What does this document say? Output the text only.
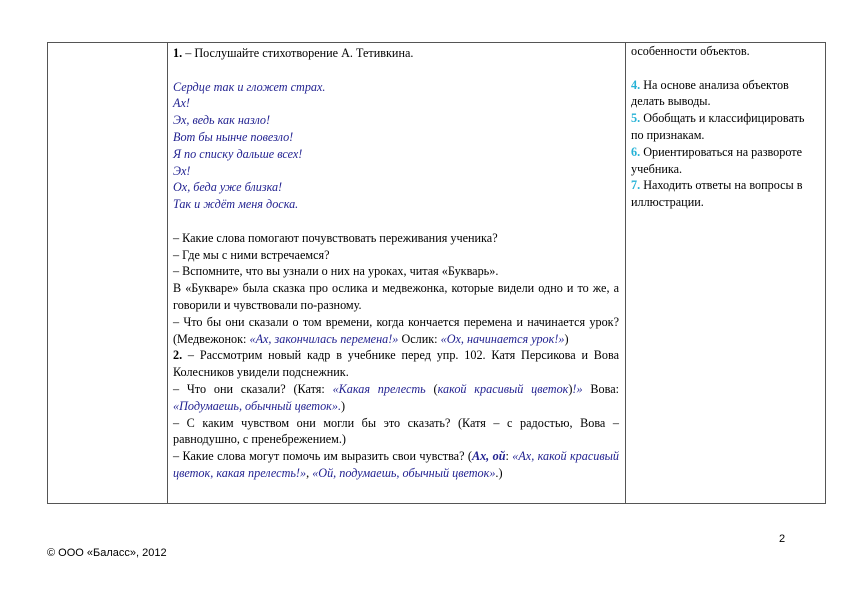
1. – Послушайте стихотворение А. Тетивкина.

Сердце так и гложет страх.

Ах!

Эх, ведь как назло!

Вот бы нынче повезло!

Я по списку дальше всех!

Эх!

Ох, беда уже близка!

Так и ждёт меня доска.

– Какие слова помогают почувствовать переживания ученика?

– Где мы с ними встречаемся?

– Вспомните, что вы узнали о них на уроках, читая «Букварь».

В «Букваре» была сказка про ослика и медвежонка, которые видели одно и то же, а говорили и чувствовали по-разному.

– Что бы они сказали о том времени, когда кончается перемена и начинается урок? (Медвежонок: «Ах, закончилась перемена!» Ослик: «Ох, начинается урок!»)

2. – Рассмотрим новый кадр в учебнике перед упр. 102. Катя Персикова и Вова Колесников увидели подснежник.

– Что они сказали? (Катя: «Какая прелесть (какой красивый цветок)!» Вова: «Подумаешь, обычный цветок».)

– С каким чувством они могли бы это сказать? (Катя – с радостью, Вова – равнодушно, с пренебрежением.)

– Какие слова могут помочь им выразить свои чувства? (Ах, ой: «Ах, какой красивый цветок, какая прелесть!», «Ой, подумаешь, обычный цветок».)

особенности объектов.

4. На основе анализа объектов делать выводы.

5. Обобщать и классифицировать по признакам.

6. Ориентироваться на развороте учебника.

7. Находить ответы на вопросы в иллюстрации.

2
© ООО «Баласс», 2012
